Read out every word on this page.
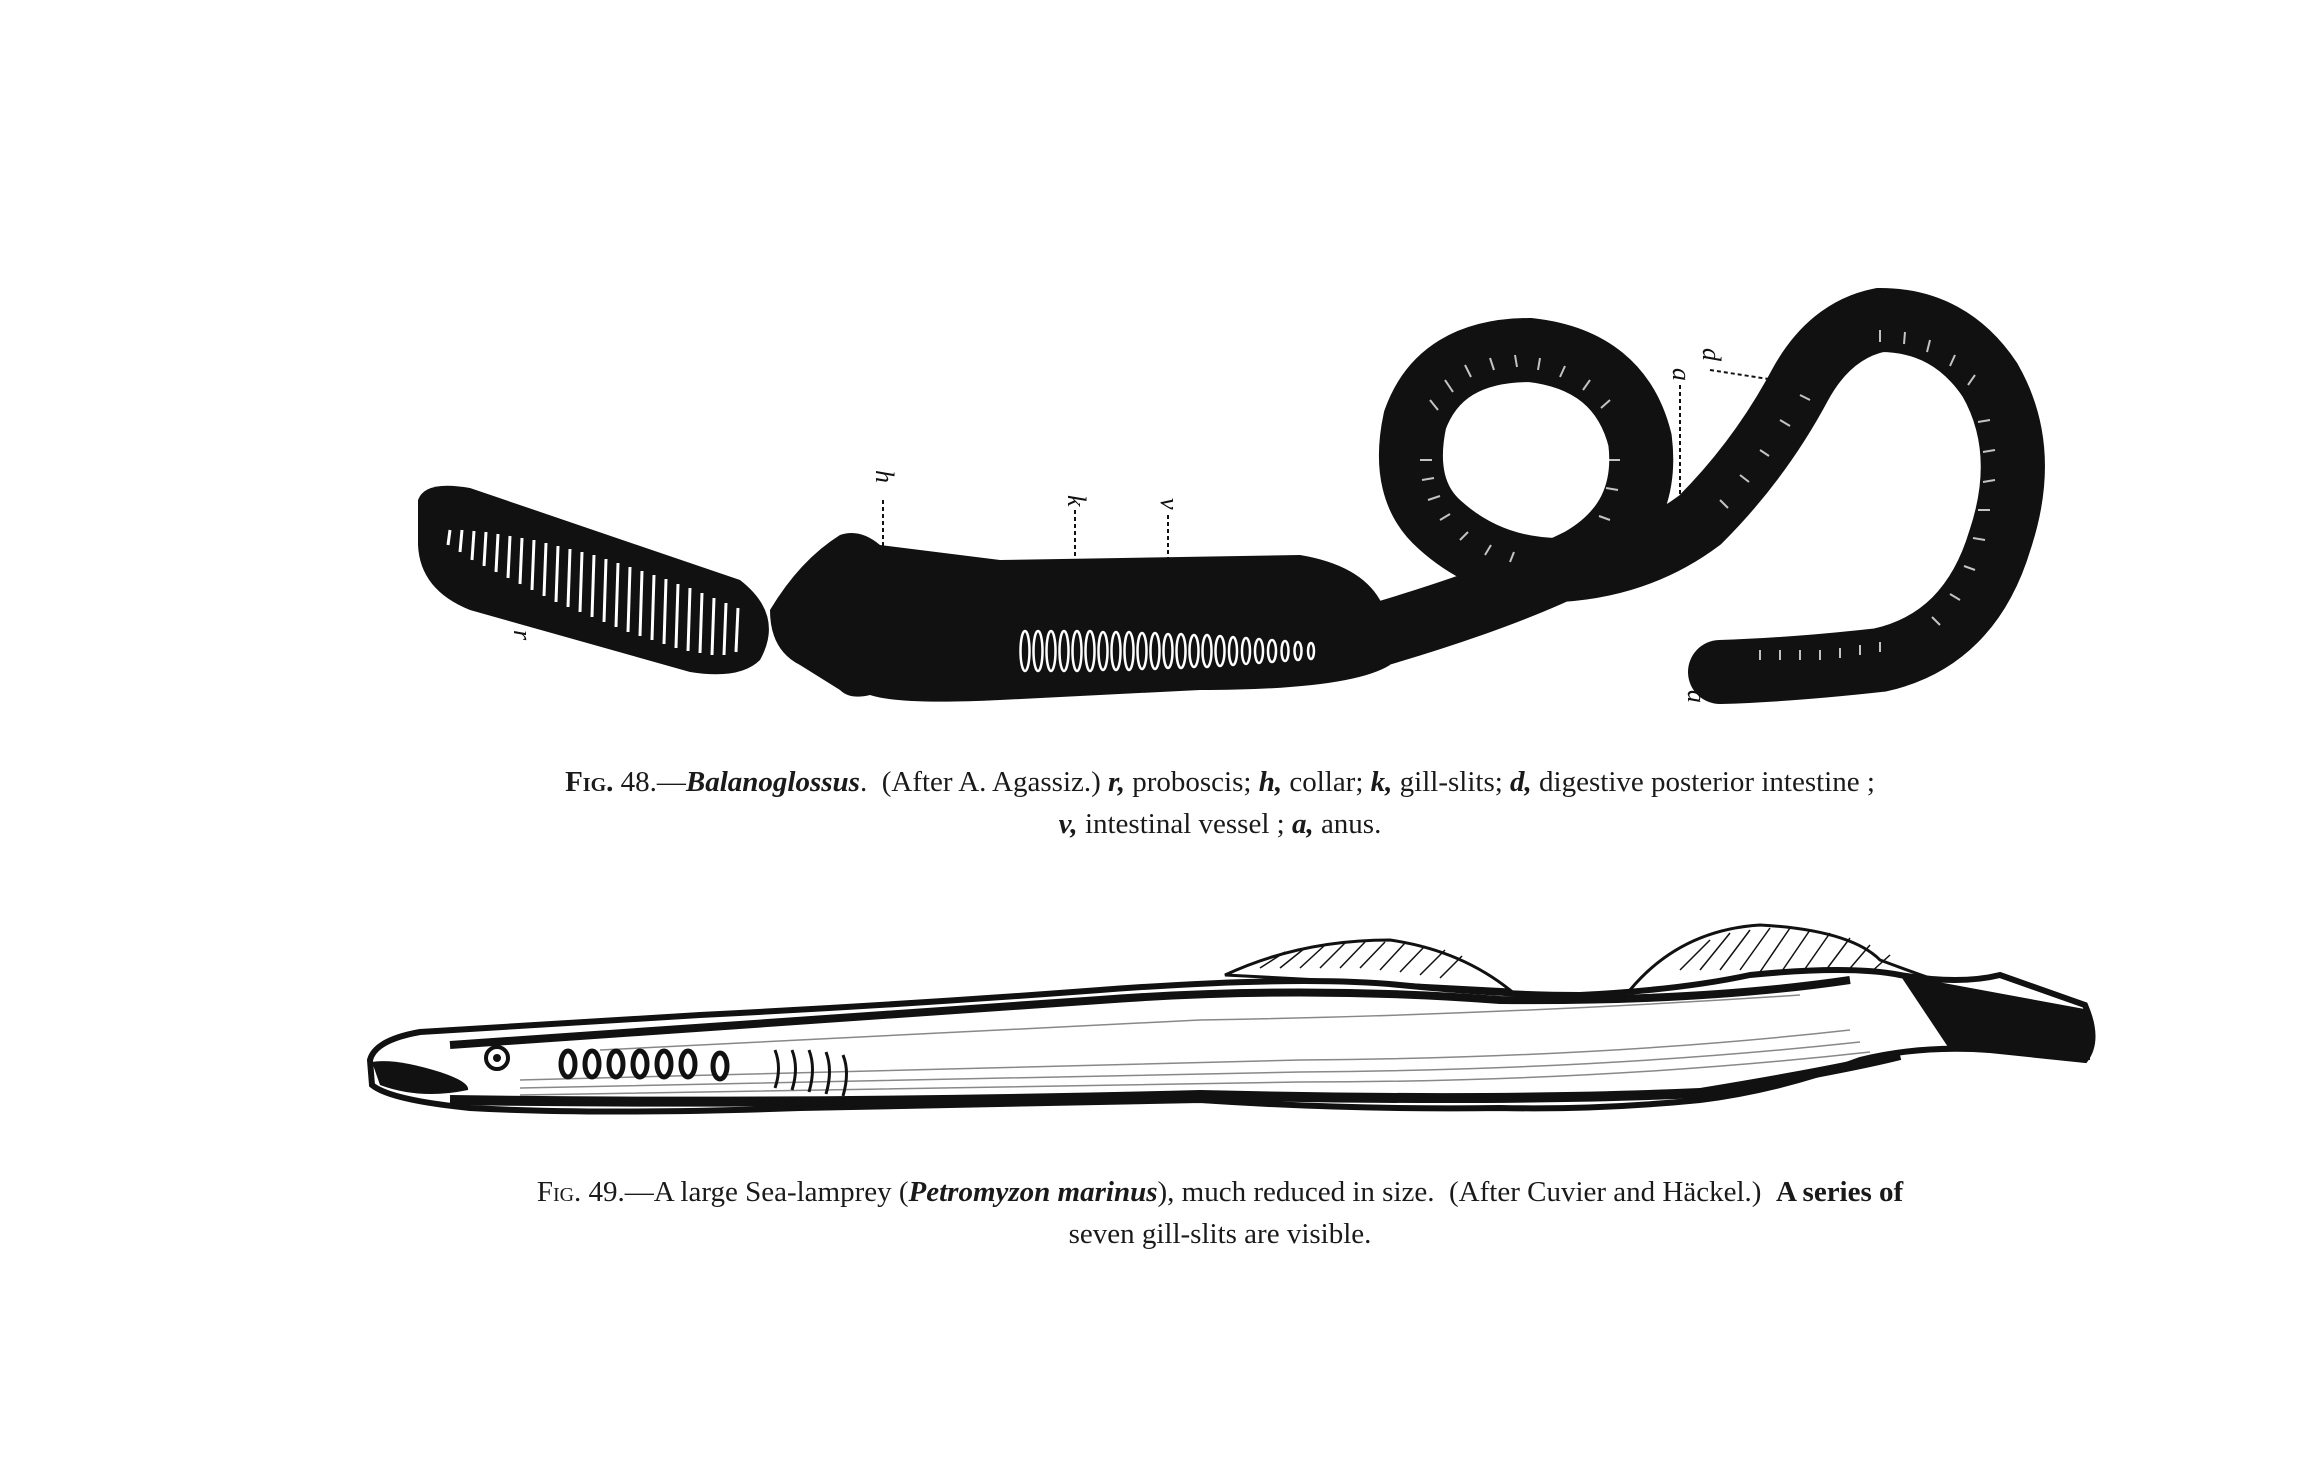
r
h
k v
a
d
a
Fig. 48.—Balanoglossus.  (After A. Agassiz.) r, proboscis; h, collar; k, gill-slits; d, digestive posterior intestine ;
v, intestinal vessel ; a, anus.
Fig. 49.—A large Sea-lamprey (Petromyzon marinus), much reduced in size. (After Cuvier and Häckel.) A series of
seven gill-slits are visible.
